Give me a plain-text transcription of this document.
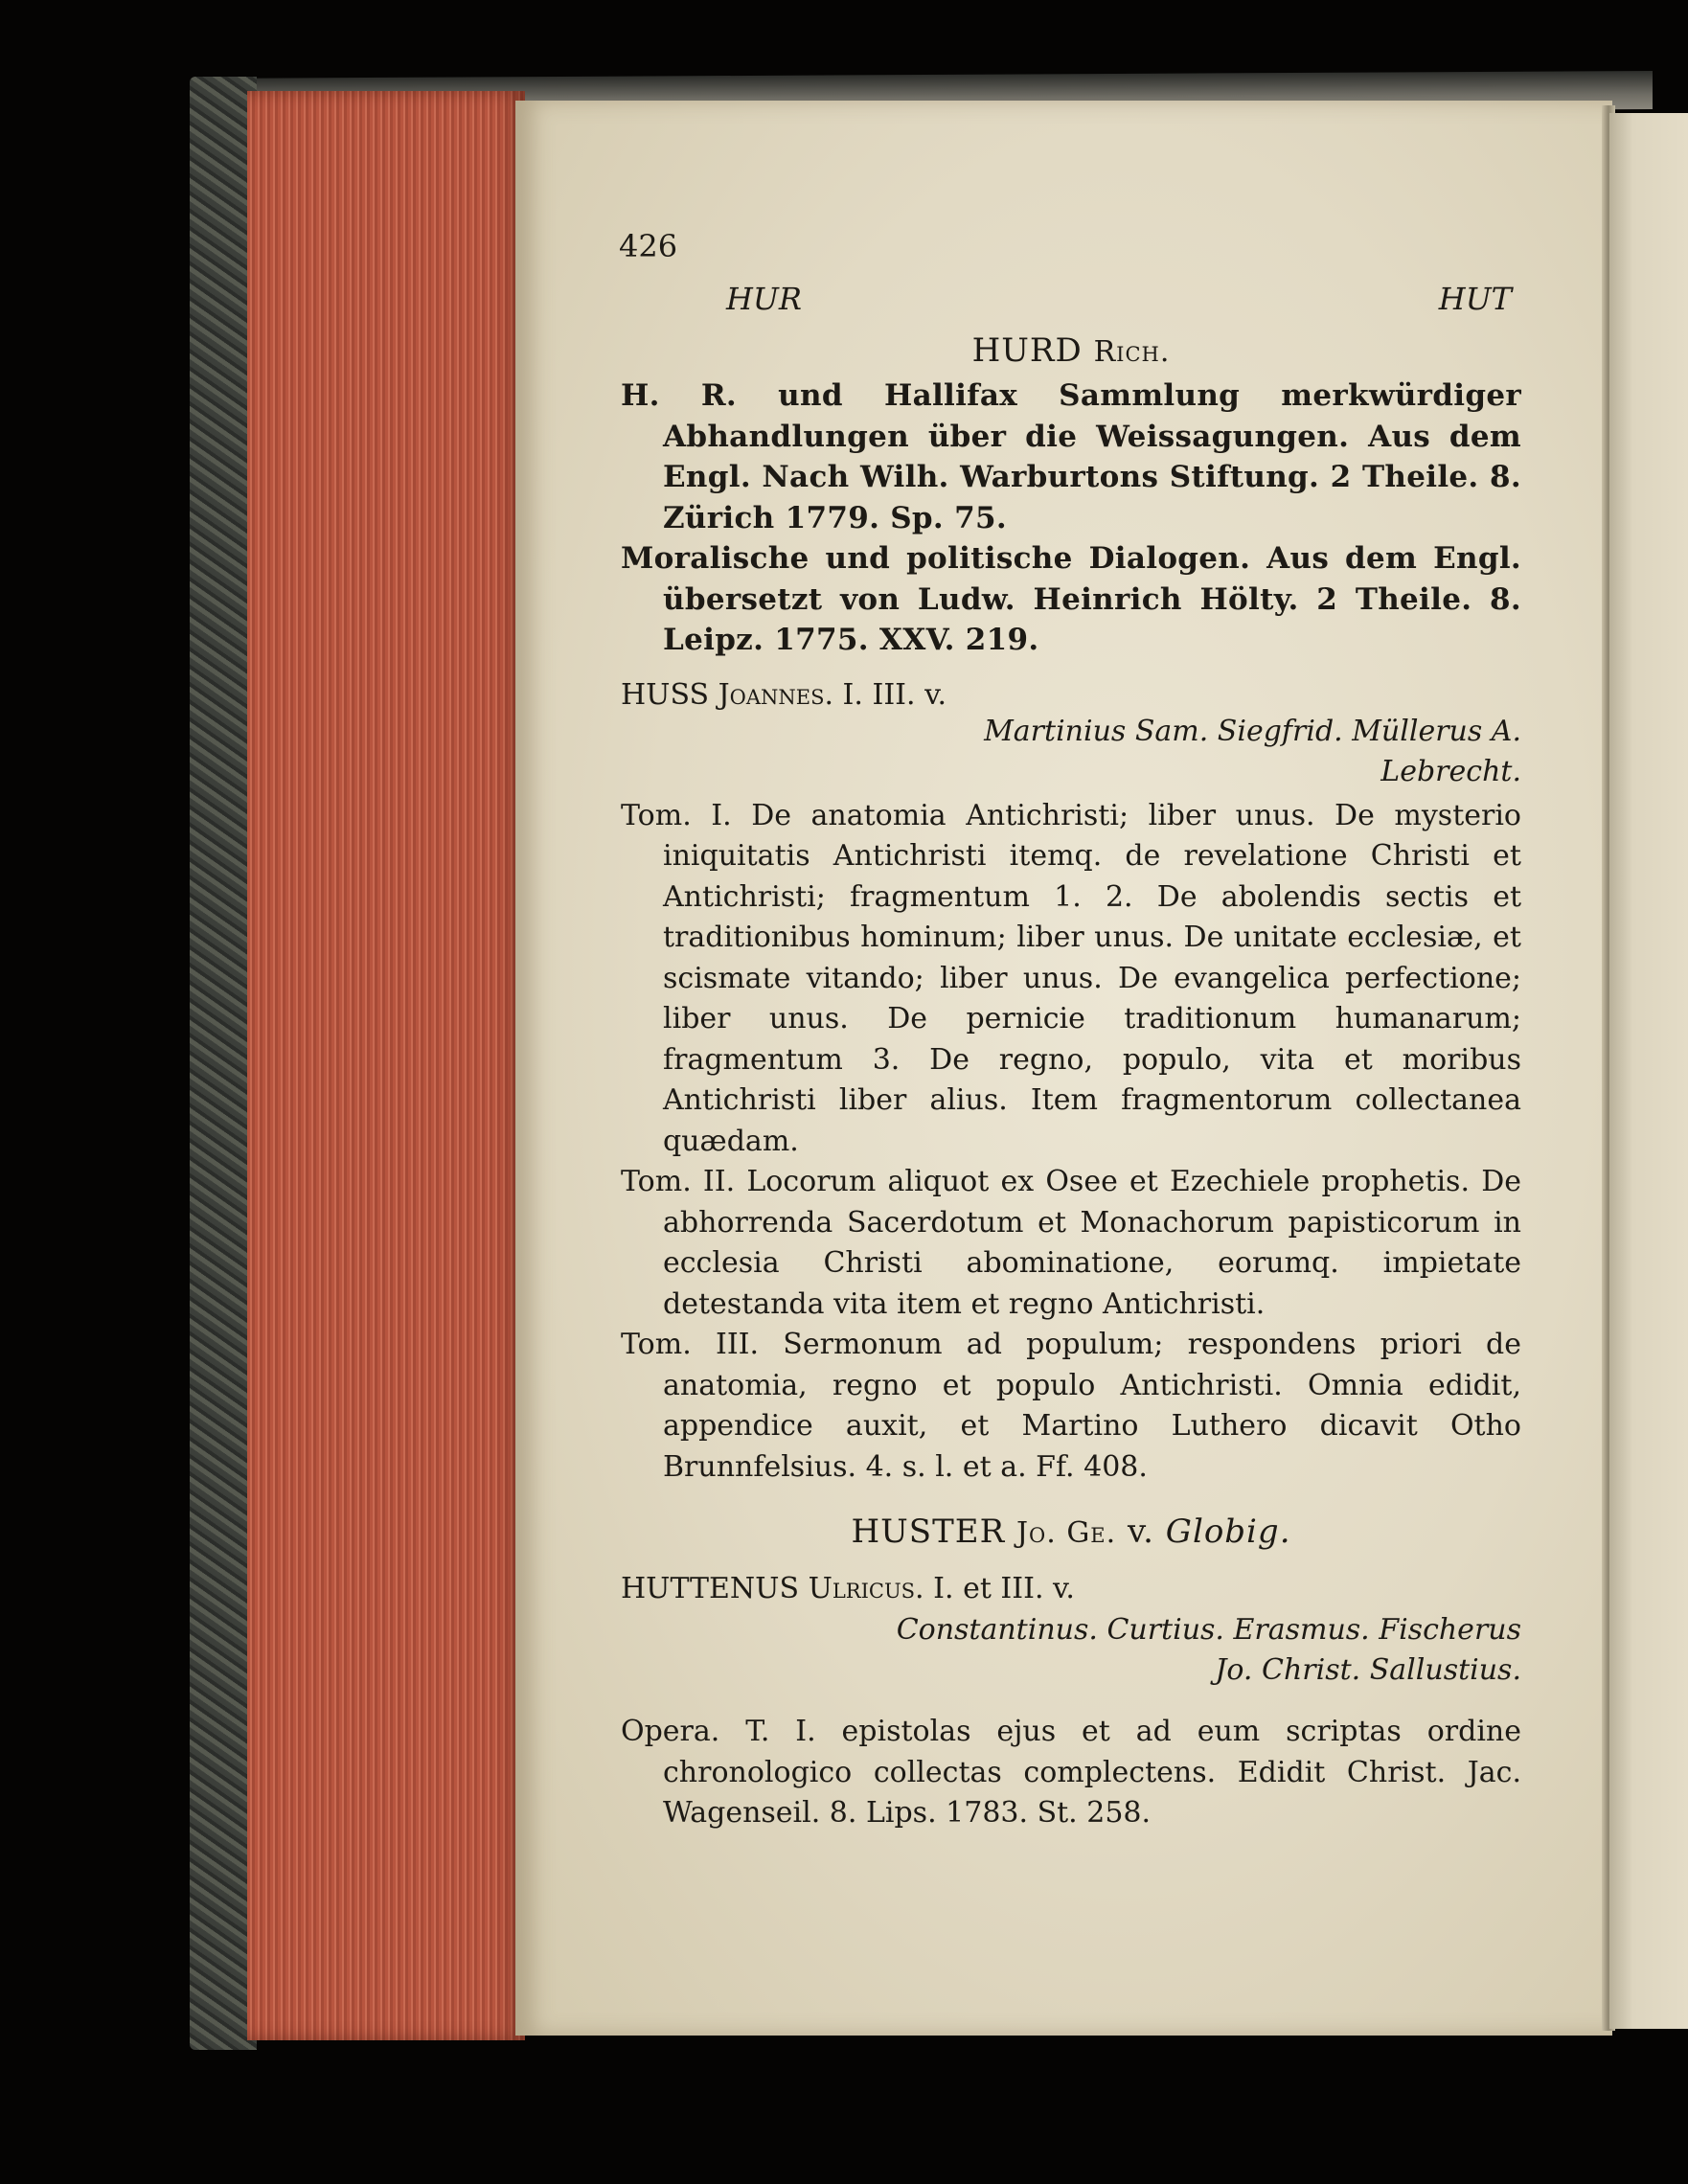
426
HUR	HUT
HURD Rich.

H. R. und Hallifax Sammlung merkwürdiger Abhandlungen über die Weissagungen. Aus dem Engl. Nach Wilh. Warburtons Stiftung. 2 Theile. 8. Zürich 1779. Sp. 75.

Moralische und politische Dialogen. Aus dem Engl. übersetzt von Ludw. Heinrich Hölty. 2 Theile. 8. Leipz. 1775. XXV. 219.

HUSS Joannes. I. III. v.

Martinius Sam. Siegfrid. Müllerus A. Lebrecht.

Tom. I. De anatomia Antichristi; liber unus. De mysterio iniquitatis Antichristi itemq. de revelatione Christi et Antichristi; fragmentum 1. 2. De abolendis sectis et traditionibus hominum; liber unus. De unitate ecclesiæ, et scismate vitando; liber unus. De evangelica perfectione; liber unus. De pernicie traditionum humanarum; fragmentum 3. De regno, populo, vita et moribus Antichristi liber alius. Item fragmentorum collectanea quædam.

Tom. II. Locorum aliquot ex Osee et Ezechiele prophetis. De abhorrenda Sacerdotum et Monachorum papisticorum in ecclesia Christi abominatione, eorumq. impietate detestanda vita item et regno Antichristi.

Tom. III. Sermonum ad populum; respondens priori de anatomia, regno et populo Antichristi. Omnia edidit, appendice auxit, et Martino Luthero dicavit Otho Brunnfelsius. 4. s. l. et a. Ff. 408.

HUSTER Jo. Ge. v. Globig.
HUTTENUS Ulricus. I. et III. v.

Constantinus. Curtius. Erasmus. Fischerus Jo. Christ. Sallustius.

Opera. T. I. epistolas ejus et ad eum scriptas ordine chronologico collectas complectens. Edidit Christ. Jac. Wagenseil. 8. Lips. 1783. St. 258.
